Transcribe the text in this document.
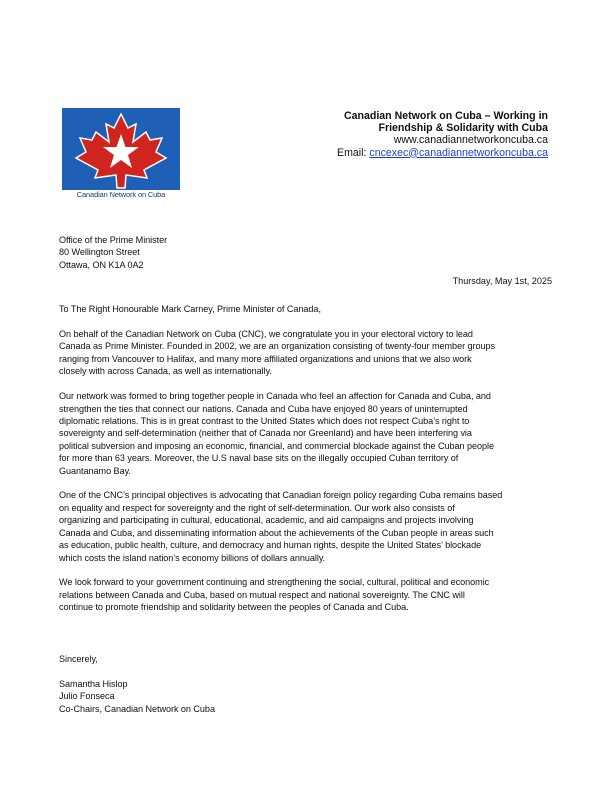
Canadian Network on Cuba
Canadian Network on Cuba – Working in
Friendship & Solidarity with Cuba
www.canadiannetworkoncuba.ca
Email: cncexec@canadiannetworkoncuba.ca
Office of the Prime Minister
80 Wellington Street
Ottawa, ON K1A 0A2
Thursday, May 1st, 2025
To The Right Honourable Mark Carney, Prime Minister of Canada,

On behalf of the Canadian Network on Cuba (CNC), we congratulate you in your electoral victory to lead
Canada as Prime Minister. Founded in 2002, we are an organization consisting of twenty-four member groups
ranging from Vancouver to Halifax, and many more affiliated organizations and unions that we also work
closely with across Canada, as well as internationally.

Our network was formed to bring together people in Canada who feel an affection for Canada and Cuba, and
strengthen the ties that connect our nations. Canada and Cuba have enjoyed 80 years of uninterrupted
diplomatic relations. This is in great contrast to the United States which does not respect Cuba’s right to
sovereignty and self-determination (neither that of Canada nor Greenland) and have been interfering via
political subversion and imposing an economic, financial, and commercial blockade against the Cuban people
for more than 63 years. Moreover, the U.S naval base sits on the illegally occupied Cuban territory of
Guantanamo Bay.

One of the CNC’s principal objectives is advocating that Canadian foreign policy regarding Cuba remains based
on equality and respect for sovereignty and the right of self-determination. Our work also consists of
organizing and participating in cultural, educational, academic, and aid campaigns and projects involving
Canada and Cuba, and disseminating information about the achievements of the Cuban people in areas such
as education, public health, culture, and democracy and human rights, despite the United States’ blockade
which costs the island nation’s economy billions of dollars annually.

We look forward to your government continuing and strengthening the social, cultural, political and economic
relations between Canada and Cuba, based on mutual respect and national sovereignty. The CNC will
continue to promote friendship and solidarity between the peoples of Canada and Cuba.

Sincerely,
Samantha Hislop
Julio Fonseca
Co-Chairs, Canadian Network on Cuba
